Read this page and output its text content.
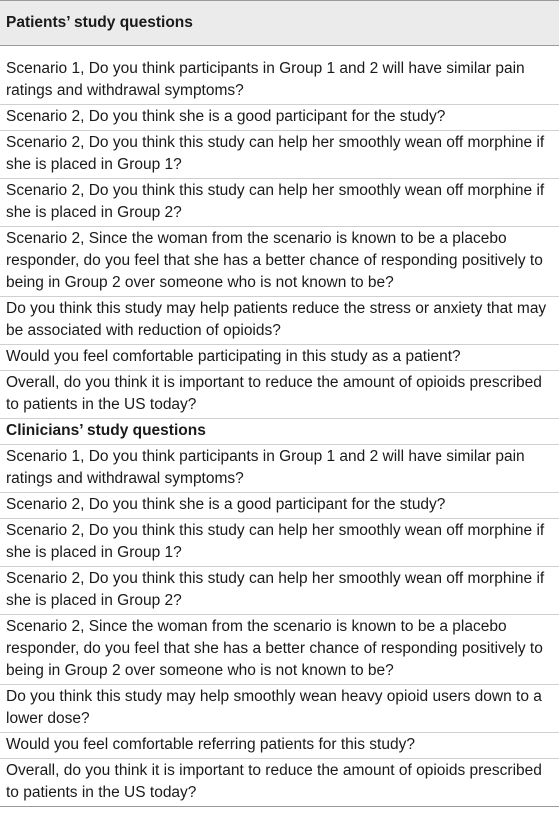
Patients’ study questions
Scenario 1, Do you think participants in Group 1 and 2 will have similar pain ratings and withdrawal symptoms?
Scenario 2, Do you think she is a good participant for the study?
Scenario 2, Do you think this study can help her smoothly wean off morphine if she is placed in Group 1?
Scenario 2, Do you think this study can help her smoothly wean off morphine if she is placed in Group 2?
Scenario 2, Since the woman from the scenario is known to be a placebo responder, do you feel that she has a better chance of responding positively to being in Group 2 over someone who is not known to be?
Do you think this study may help patients reduce the stress or anxiety that may be associated with reduction of opioids?
Would you feel comfortable participating in this study as a patient?
Overall, do you think it is important to reduce the amount of opioids prescribed to patients in the US today?
Clinicians’ study questions
Scenario 1, Do you think participants in Group 1 and 2 will have similar pain ratings and withdrawal symptoms?
Scenario 2, Do you think she is a good participant for the study?
Scenario 2, Do you think this study can help her smoothly wean off morphine if she is placed in Group 1?
Scenario 2, Do you think this study can help her smoothly wean off morphine if she is placed in Group 2?
Scenario 2, Since the woman from the scenario is known to be a placebo responder, do you feel that she has a better chance of responding positively to being in Group 2 over someone who is not known to be?
Do you think this study may help smoothly wean heavy opioid users down to a lower dose?
Would you feel comfortable referring patients for this study?
Overall, do you think it is important to reduce the amount of opioids prescribed to patients in the US today?
